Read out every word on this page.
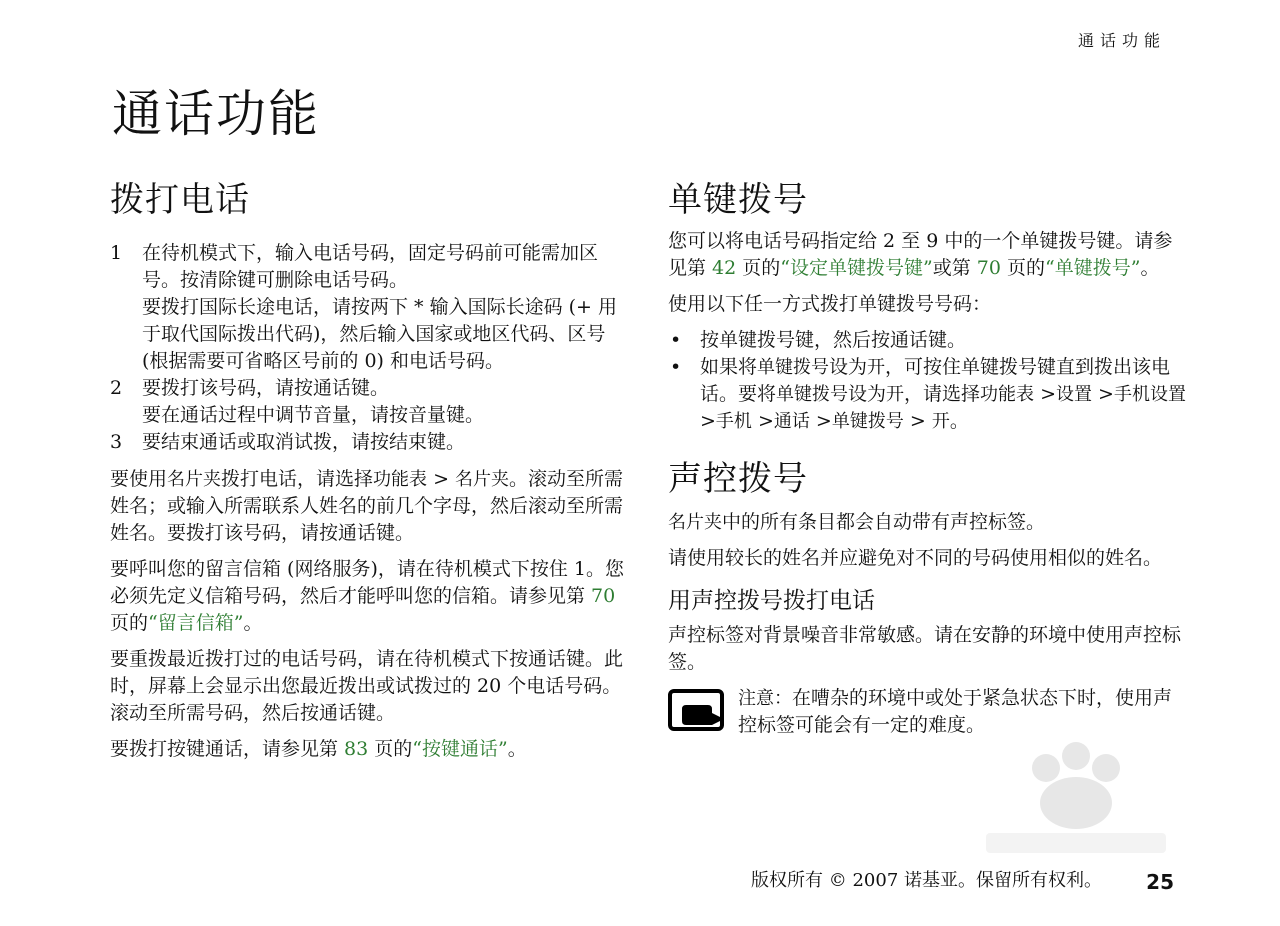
通话功能
通话功能
拨打电话
1	在待机模式下，输入电话号码，固定号码前可能需加区号。按清除键可删除电话号码。
要拨打国际长途电话，请按两下 * 输入国际长途码 (+ 用于取代国际拨出代码)，然后输入国家或地区代码、区号 (根据需要可省略区号前的 0) 和电话号码。
2	要拨打该号码，请按通话键。
要在通话过程中调节音量，请按音量键。
3	要结束通话或取消试拨，请按结束键。

要使用名片夹拨打电话，请选择功能表 > 名片夹。滚动至所需姓名；或输入所需联系人姓名的前几个字母，然后滚动至所需姓名。要拨打该号码，请按通话键。

要呼叫您的留言信箱 (网络服务)，请在待机模式下按住 1。您必须先定义信箱号码，然后才能呼叫您的信箱。请参见第 70 页的“留言信箱”。

要重拨最近拨打过的电话号码，请在待机模式下按通话键。此时，屏幕上会显示出您最近拨出或试拨过的 20 个电话号码。滚动至所需号码，然后按通话键。

要拨打按键通话，请参见第 83 页的“按键通话”。

单键拨号

您可以将电话号码指定给 2 至 9 中的一个单键拨号键。请参见第 42 页的“设定单键拨号键”或第 70 页的“单键拨号”。

使用以下任一方式拨打单键拨号号码：

• 按单键拨号键，然后按通话键。
• 如果将单键拨号设为开，可按住单键拨号键直到拨出该电话。要将单键拨号设为开，请选择功能表 >设置 >手机设置 >手机 >通话 >单键拨号 > 开。
声控拨号

名片夹中的所有条目都会自动带有声控标签。

请使用较长的姓名并应避免对不同的号码使用相似的姓名。

用声控拨号拨打电话

声控标签对背景噪音非常敏感。请在安静的环境中使用声控标签。

注意：在嘈杂的环境中或处于紧急状态下时，使用声控标签可能会有一定的难度。

版权所有 © 2007 诺基亚。保留所有权利。 25
